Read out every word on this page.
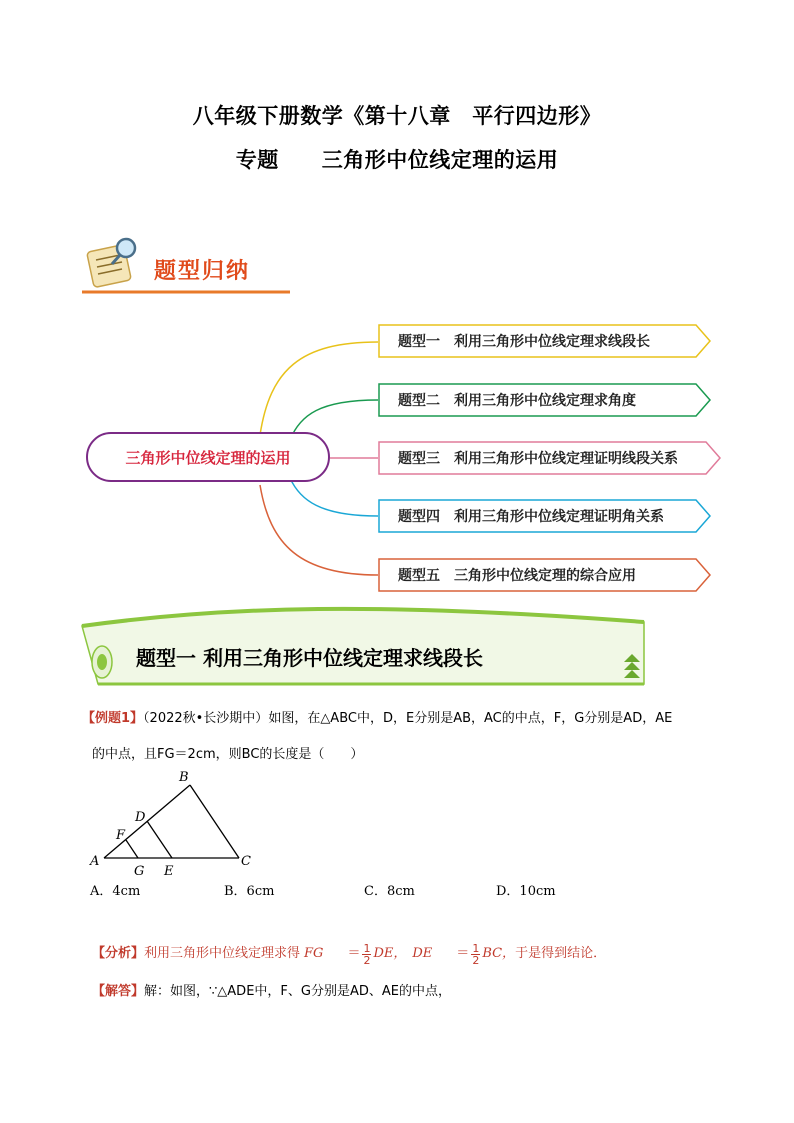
八年级下册数学《第十八章　平行四边形》
专题　　三角形中位线定理的运用
题型归纳
三角形中位线定理的运用
题型一　利用三角形中位线定理求线段长
题型二　利用三角形中位线定理求角度
题型三　利用三角形中位线定理证明线段关系
题型四　利用三角形中位线定理证明角关系
题型五　三角形中位线定理的综合应用
题型一 利用三角形中位线定理求线段长
【例题1】（2022秋•长沙期中）如图，在△ABC中，D，E分别是AB，AC的中点，F，G分别是AD，AE
的中点，且FG＝2cm，则BC的长度是（　　）
A
B
C
D
E
F
G
A．4cm	B．6cm	C．8cm	D．10cm
【分析】 利用三角形中位线定理求得 FG ＝ $\frac{1}{2}$ DE， DE ＝ $\frac{1}{2}$ BC， 于是得到结论．
【解答】解：如图，∵△ADE中，F、G分别是AD、AE的中点，
